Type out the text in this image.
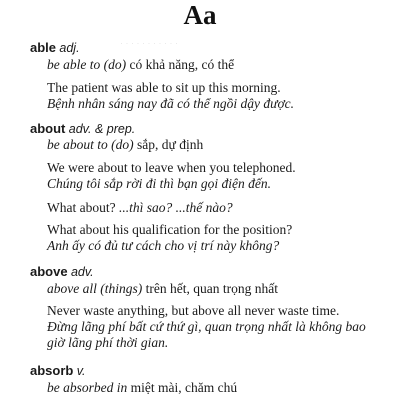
Aa
· · · · · · · · · · ·
able adj.
be able to (do) có khả năng, có thể
The patient was able to sit up this morning.
Bệnh nhân sáng nay đã có thể ngồi dậy được.
about adv. & prep.
be about to (do) sắp, dự định
We were about to leave when you telephoned.
Chúng tôi sắp rời đi thì bạn gọi điện đến.
What about? ...thì sao? ...thế nào?
What about his qualification for the position?
Anh ấy có đủ tư cách cho vị trí này không?
above adv.
above all (things) trên hết, quan trọng nhất
Never waste anything, but above all never waste time.
Đừng lãng phí bất cứ thứ gì, quan trọng nhất là không bao
giờ lãng phí thời gian.
absorb v.
be absorbed in miệt mài, chăm chú
